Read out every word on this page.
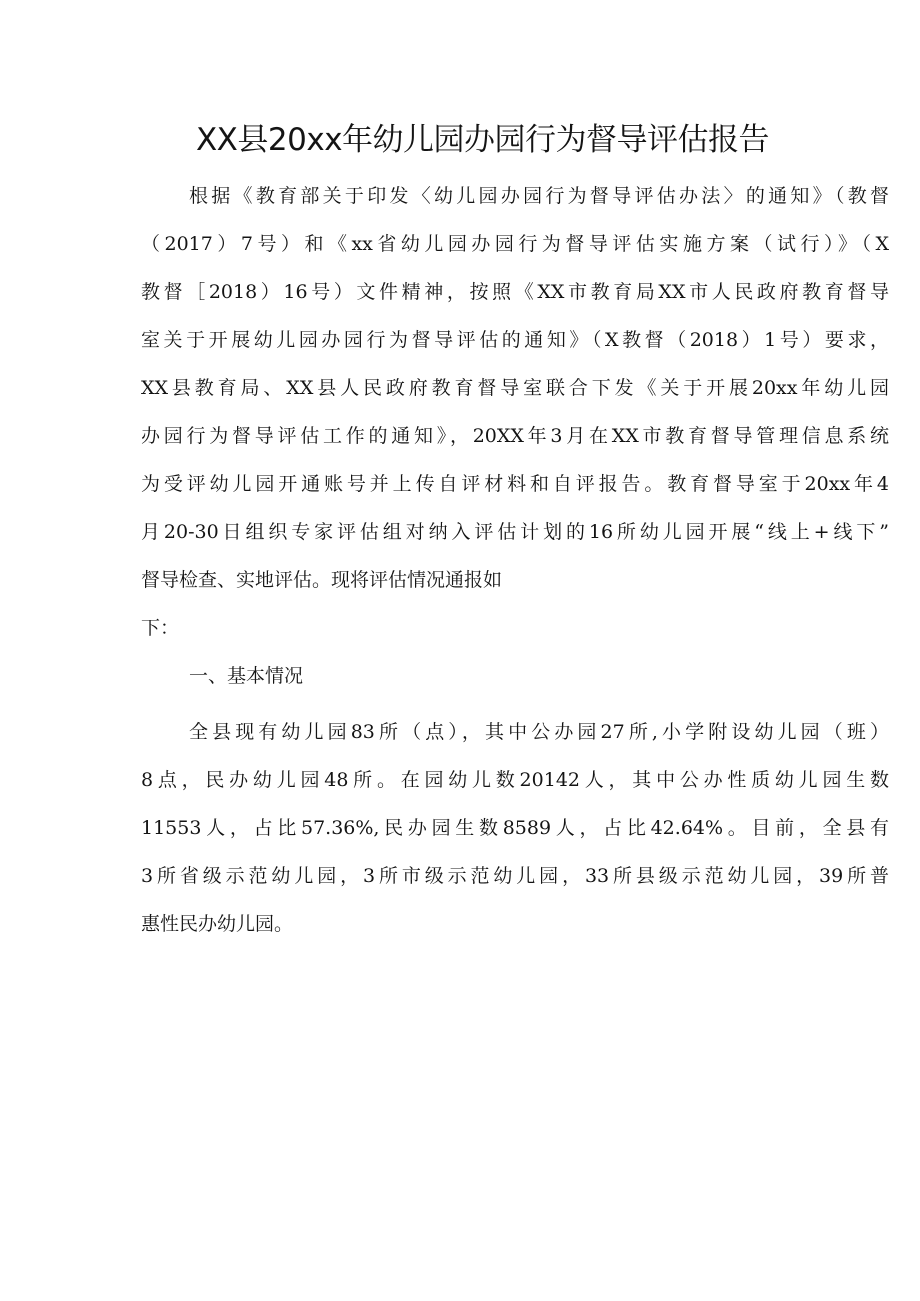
XX县20xx年幼儿园办园行为督导评估报告
根据《教育部关于印发〈幼儿园办园行为督导评估办法〉的通知》（教督
（2017）7号）和《xx省幼儿园办园行为督导评估实施方案（试行）》（X
教督［2018）16号）文件精神，按照《XX市教育局XX市人民政府教育督导
室关于开展幼儿园办园行为督导评估的通知》（X教督（2018）1号）要求，
XX县教育局、XX县人民政府教育督导室联合下发《关于开展20xx年幼儿园
办园行为督导评估工作的通知》，20XX年3月在XX市教育督导管理信息系统
为受评幼儿园开通账号并上传自评材料和自评报告。教育督导室于20xx年4
月20-30日组织专家评估组对纳入评估计划的16所幼儿园开展“线上+线下”
督导检查、实地评估。现将评估情况通报如
下：
一、基本情况
全县现有幼儿园83所（点），其中公办园27所,小学附设幼儿园（班）
8点，民办幼儿园48所。在园幼儿数20142人，其中公办性质幼儿园生数
11553人，占比57.36%,民办园生数8589人，占比42.64%。目前，全县有
3所省级示范幼儿园，3所市级示范幼儿园，33所县级示范幼儿园，39所普
惠性民办幼儿园。
